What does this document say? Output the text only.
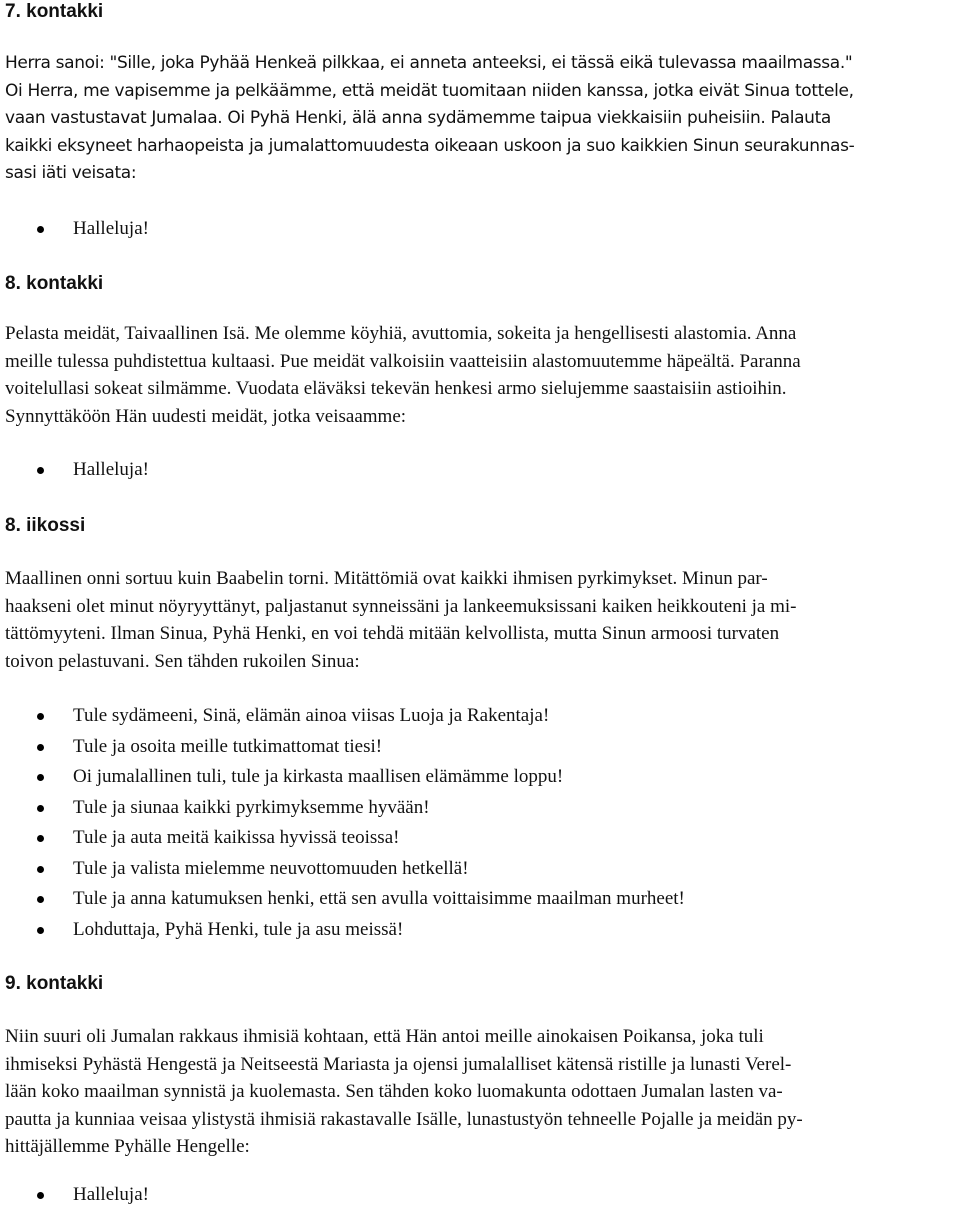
7. kontakki
Herra sanoi: "Sille, joka Pyhää Henkeä pilkkaa, ei anneta anteeksi, ei tässä eikä tulevassa maailmassa."
Oi Herra, me vapisemme ja pelkäämme, että meidät tuomitaan niiden kanssa, jotka eivät Sinua tottele,
vaan vastustavat Jumalaa. Oi Pyhä Henki, älä anna sydämemme taipua viekkaisiin puheisiin. Palauta
kaikki eksyneet harhaopeista ja jumalattomuudesta oikeaan uskoon ja suo kaikkien Sinun seurakunnas-
sasi iäti veisata:
Halleluja!
8. kontakki
Pelasta meidät, Taivaallinen Isä. Me olemme köyhiä, avuttomia, sokeita ja hengellisesti alastomia. Anna
meille tulessa puhdistettua kultaasi. Pue meidät valkoisiin vaatteisiin alastomuutemme häpeältä. Paranna
voitelullasi sokeat silmämme. Vuodata eläväksi tekevän henkesi armo sielujemme saastaisiin astioihin.
Synnyttäköön Hän uudesti meidät, jotka veisaamme:
Halleluja!
8. iikossi
Maallinen onni sortuu kuin Baabelin torni. Mitättömiä ovat kaikki ihmisen pyrkimykset. Minun par-
haakseni olet minut nöyryyttänyt, paljastanut synneissäni ja lankeemuksissani kaiken heikkouteni ja mi-
tättömyyteni. Ilman Sinua, Pyhä Henki, en voi tehdä mitään kelvollista, mutta Sinun armoosi turvaten
toivon pelastuvani. Sen tähden rukoilen Sinua:
Tule sydämeeni, Sinä, elämän ainoa viisas Luoja ja Rakentaja!
Tule ja osoita meille tutkimattomat tiesi!
Oi jumalallinen tuli, tule ja kirkasta maallisen elämämme loppu!
Tule ja siunaa kaikki pyrkimyksemme hyvään!
Tule ja auta meitä kaikissa hyvissä teoissa!
Tule ja valista mielemme neuvottomuuden hetkellä!
Tule ja anna katumuksen henki, että sen avulla voittaisimme maailman murheet!
Lohduttaja, Pyhä Henki, tule ja asu meissä!
9. kontakki
Niin suuri oli Jumalan rakkaus ihmisiä kohtaan, että Hän antoi meille ainokaisen Poikansa, joka tuli
ihmiseksi Pyhästä Hengestä ja Neitseestä Mariasta ja ojensi jumalalliset kätensä ristille ja lunasti Verel-
lään koko maailman synnistä ja kuolemasta. Sen tähden koko luomakunta odottaen Jumalan lasten va-
pautta ja kunniaa veisaa ylistystä ihmisiä rakastavalle Isälle, lunastustyön tehneelle Pojalle ja meidän py-
hittäjällemme Pyhälle Hengelle:
Halleluja!
